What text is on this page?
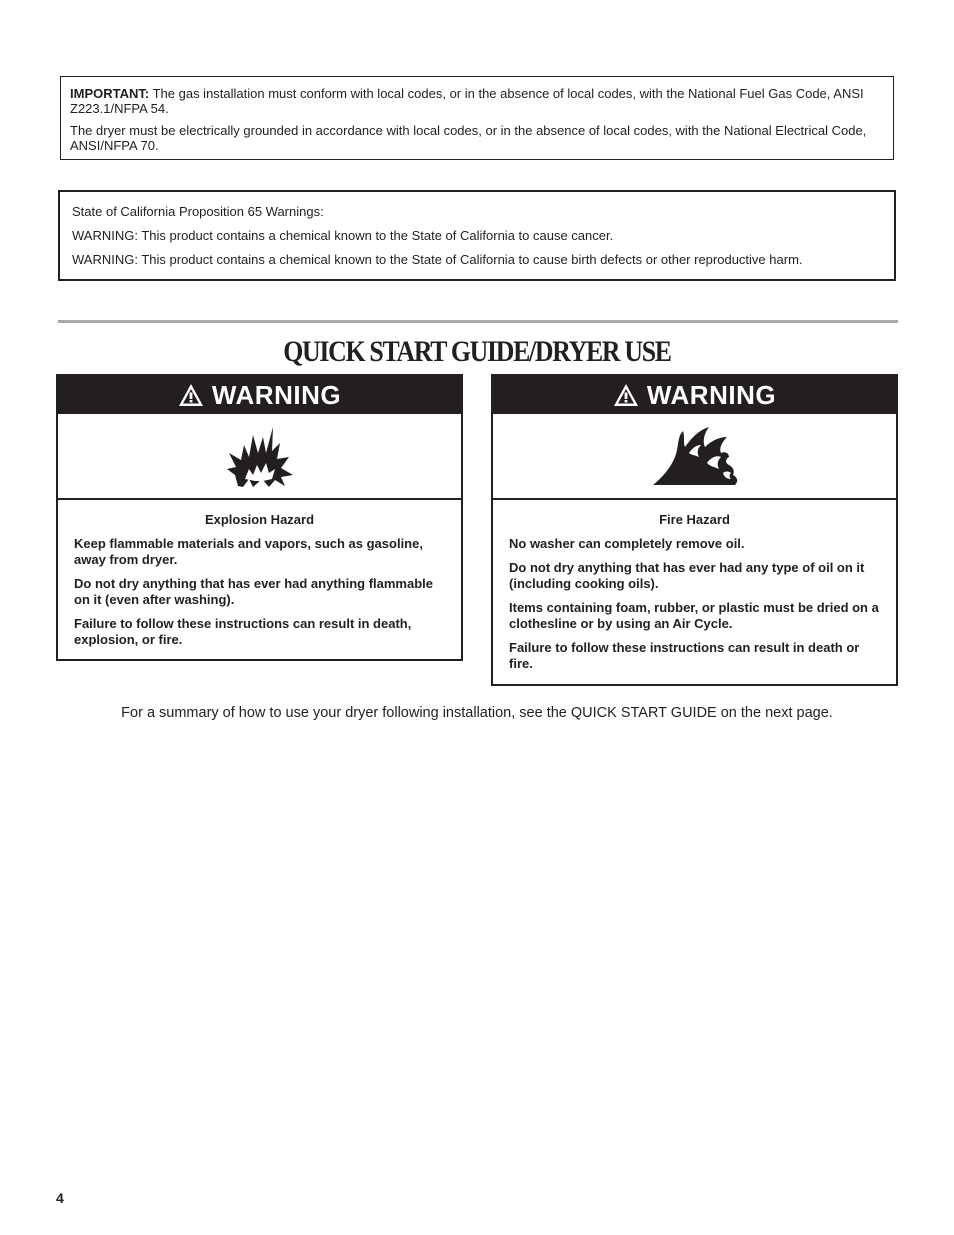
IMPORTANT: The gas installation must conform with local codes, or in the absence of local codes, with the National Fuel Gas Code, ANSI Z223.1/NFPA 54.

The dryer must be electrically grounded in accordance with local codes, or in the absence of local codes, with the National Electrical Code, ANSI/NFPA 70.

State of California Proposition 65 Warnings:

WARNING: This product contains a chemical known to the State of California to cause cancer.

WARNING: This product contains a chemical known to the State of California to cause birth defects or other reproductive harm.

QUICK START GUIDE/DRYER USE
WARNING
Explosion Hazard

Keep flammable materials and vapors, such as gasoline, away from dryer.

Do not dry anything that has ever had anything flammable on it (even after washing).

Failure to follow these instructions can result in death, explosion, or fire.

WARNING
Fire Hazard

No washer can completely remove oil.

Do not dry anything that has ever had any type of oil on it (including cooking oils).

Items containing foam, rubber, or plastic must be dried on a clothesline or by using an Air Cycle.

Failure to follow these instructions can result in death or fire.

For a summary of how to use your dryer following installation, see the QUICK START GUIDE on the next page.

4
